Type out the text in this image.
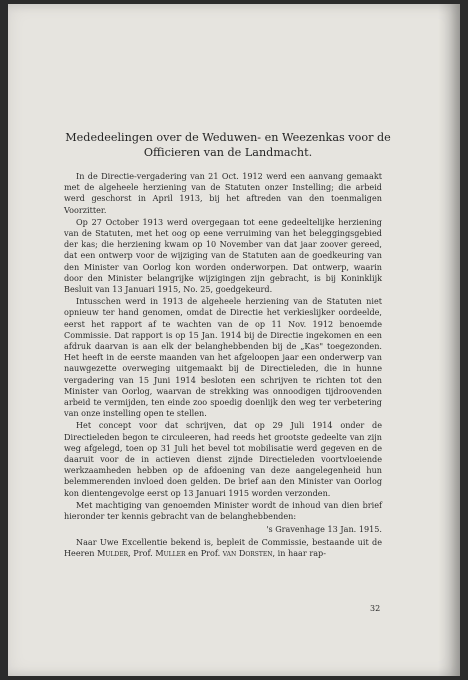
Mededeelingen over de Weduwen- en Weezenkas voor de
Officieren van de Landmacht.

In de Directie-vergadering van 21 Oct. 1912 werd een aanvang gemaakt met de algeheele herziening van de Statuten onzer Instelling; die arbeid werd geschorst in April 1913, bij het aftreden van den toenmaligen Voorzitter.

Op 27 October 1913 werd overgegaan tot eene gedeeltelijke herziening van de Statuten, met het oog op eene verruiming van het beleggingsgebied der kas; die herziening kwam op 10 November van dat jaar zoover gereed, dat een ontwerp voor de wijziging van de Statuten aan de goedkeuring van den Minister van Oorlog kon worden onderworpen. Dat ontwerp, waarin door den Minister belangrijke wijzigingen zijn gebracht, is bij Koninklijk Besluit van 13 Januari 1915, No. 25, goedgekeurd.

Intusschen werd in 1913 de algeheele herziening van de Statuten niet opnieuw ter hand genomen, omdat de Directie het verkieslijker oordeelde, eerst het rapport af te wachten van de op 11 Nov. 1912 benoemde Commissie. Dat rapport is op 15 Jan. 1914 bij de Directie ingekomen en een afdruk daarvan is aan elk der belanghebbenden bij de „Kas" toegezonden. Het heeft in de eerste maanden van het afgeloopen jaar een onderwerp van nauwgezette overweging uitgemaakt bij de Directieleden, die in hunne vergadering van 15 Juni 1914 besloten een schrijven te richten tot den Minister van Oorlog, waarvan de strekking was onnoodigen tijdroovenden arbeid te vermijden, ten einde zoo spoedig doenlijk den weg ter verbetering van onze instelling open te stellen.

Het concept voor dat schrijven, dat op 29 Juli 1914 onder de Directieleden begon te circuleeren, had reeds het grootste gedeelte van zijn weg afgelegd, toen op 31 Juli het bevel tot mobilisatie werd gegeven en de daaruit voor de in actieven dienst zijnde Directieleden voortvloeiende werkzaamheden hebben op de afdoening van deze aangelegenheid hun belemmerenden invloed doen gelden. De brief aan den Minister van Oorlog kon dientengevolge eerst op 13 Januari 1915 worden verzonden.

Met machtiging van genoemden Minister wordt de inhoud van dien brief hieronder ter kennis gebracht van de belanghebbenden:

's Gravenhage 13 Jan. 1915.

Naar Uwe Excellentie bekend is, bepleit de Commissie, bestaande uit de Heeren Mulder, Prof. Muller en Prof. van Dorsten, in haar rap-

32
